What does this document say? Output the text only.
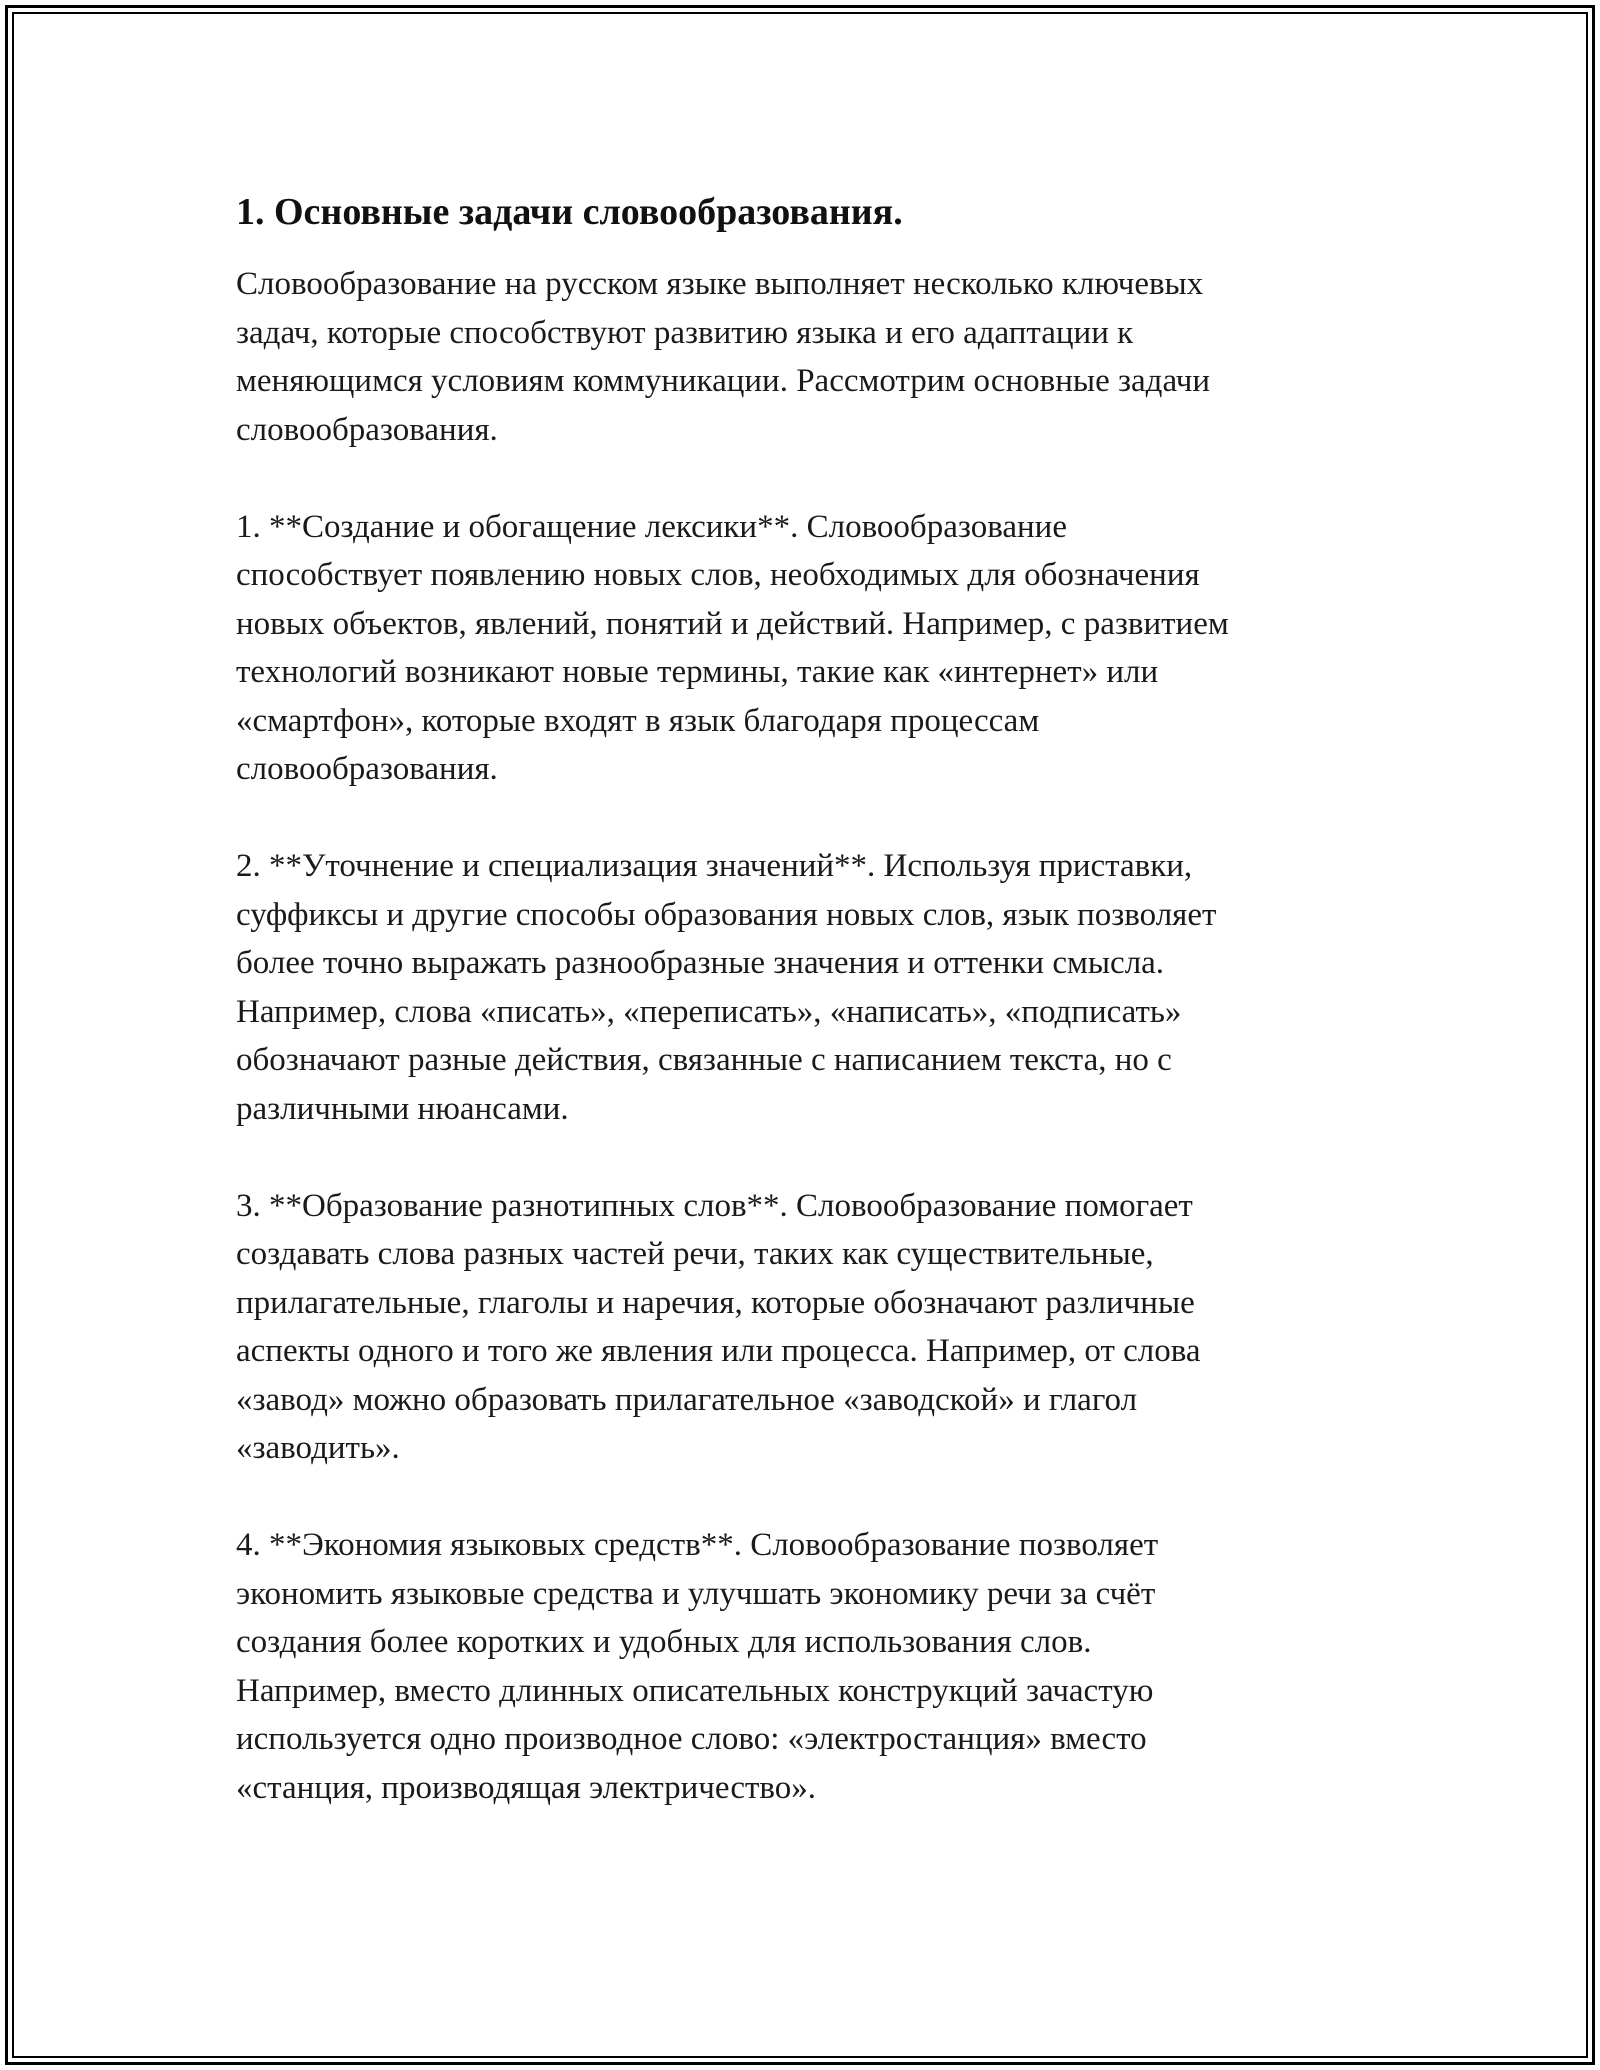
1. Основные задачи словообразования.

Словообразование на русском языке выполняет несколько ключевых
задач, которые способствуют развитию языка и его адаптации к
меняющимся условиям коммуникации. Рассмотрим основные задачи
словообразования.

1. **Создание и обогащение лексики**. Словообразование
способствует появлению новых слов, необходимых для обозначения
новых объектов, явлений, понятий и действий. Например, с развитием
технологий возникают новые термины, такие как «интернет» или
«смартфон», которые входят в язык благодаря процессам
словообразования.

2. **Уточнение и специализация значений**. Используя приставки,
суффиксы и другие способы образования новых слов, язык позволяет
более точно выражать разнообразные значения и оттенки смысла.
Например, слова «писать», «переписать», «написать», «подписать»
обозначают разные действия, связанные с написанием текста, но с
различными нюансами.

3. **Образование разнотипных слов**. Словообразование помогает
создавать слова разных частей речи, таких как существительные,
прилагательные, глаголы и наречия, которые обозначают различные
аспекты одного и того же явления или процесса. Например, от слова
«завод» можно образовать прилагательное «заводской» и глагол
«заводить».

4. **Экономия языковых средств**. Словообразование позволяет
экономить языковые средства и улучшать экономику речи за счёт
создания более коротких и удобных для использования слов.
Например, вместо длинных описательных конструкций зачастую
используется одно производное слово: «электростанция» вместо
«станция, производящая электричество».
